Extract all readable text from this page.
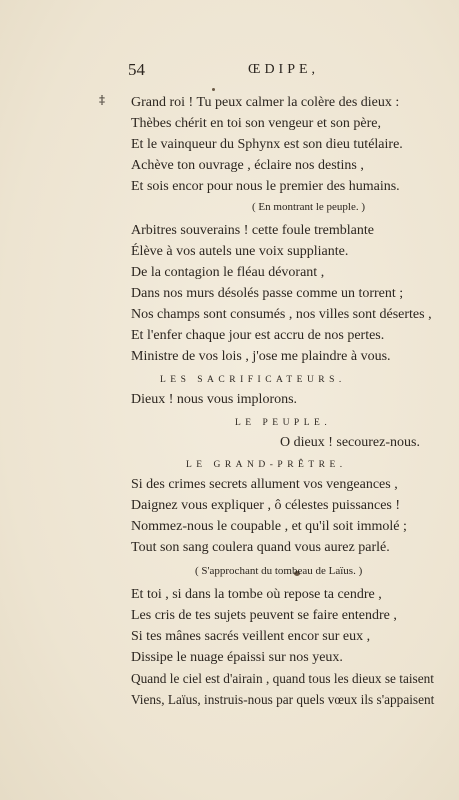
54	ŒDIPE,
‡ Grand roi ! Tu peux calmer la colère des dieux :
Thèbes chérit en toi son vengeur et son père,
Et le vainqueur du Sphynx est son dieu tutélaire.
Achève ton ouvrage , éclaire nos destins ,
Et sois encor pour nous le premier des humains.
( En montrant le peuple. )
Arbitres souverains ! cette foule tremblante
Élève à vos autels une voix suppliante.
De la contagion le fléau dévorant ,
Dans nos murs désolés passe comme un torrent ;
Nos champs sont consumés , nos villes sont désertes ,
Et l'enfer chaque jour est accru de nos pertes.
Ministre de vos lois , j'ose me plaindre à vous.
LES SACRIFICATEURS.
Dieux ! nous vous implorons.
LE PEUPLE.
O dieux ! secourez-nous.
LE GRAND-PRÊTRE.
Si des crimes secrets allument vos vengeances ,
Daignez vous expliquer , ô célestes puissances !
Nommez-nous le coupable , et qu'il soit immolé ;
Tout son sang coulera quand vous aurez parlé.
( S'approchant du tombeau de Laïus. )
Et toi , si dans la tombe où repose ta cendre ,
Les cris de tes sujets peuvent se faire entendre ,
Si tes mânes sacrés veillent encor sur eux ,
Dissipe le nuage épaissi sur nos yeux.
Quand le ciel est d'airain , quand tous les dieux se taisent
Viens, Laïus, instruis-nous par quels vœux ils s'appaisent
